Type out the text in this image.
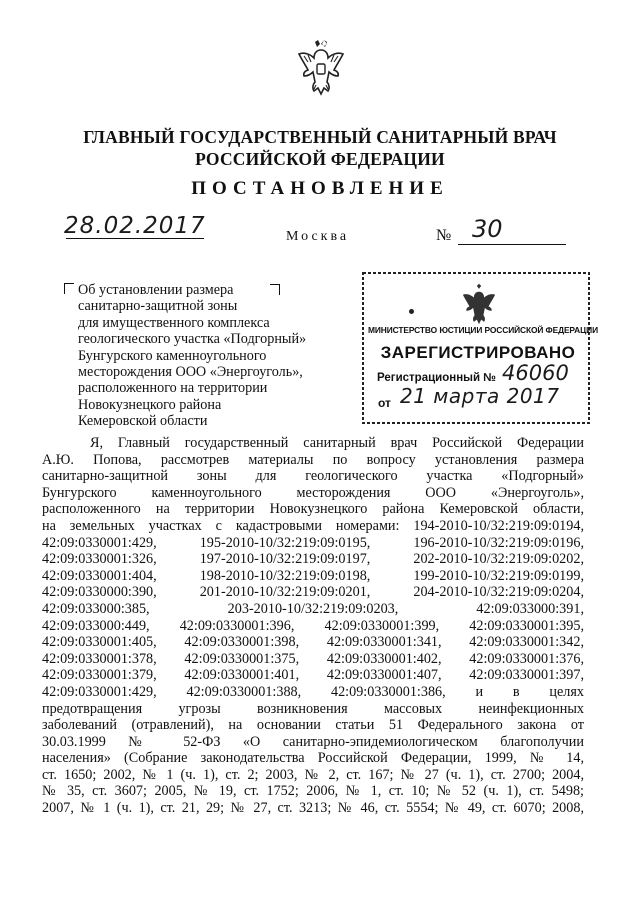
ГЛАВНЫЙ ГОСУДАРСТВЕННЫЙ САНИТАРНЫЙ ВРАЧ
РОССИЙСКОЙ ФЕДЕРАЦИИ
ПОСТАНОВЛЕНИЕ
28.02.2017	Москва	№ 30
Об установлении размера
санитарно-защитной зоны
для имущественного комплекса
геологического участка «Подгорный»
Бунгурского каменноугольного
месторождения ООО «Энергоуголь»,
расположенного на территории
Новокузнецкого района
Кемеровской области
МИНИСТЕРСТВО ЮСТИЦИИ РОССИЙСКОЙ ФЕДЕРАЦИИ
ЗАРЕГИСТРИРОВАНО
Регистрационный № 46060
от 21 марта 2017
Я, Главный государственный санитарный врач Российской Федерации
А.Ю. Попова, рассмотрев материалы по вопросу установления размера
санитарно-защитной зоны для геологического участка «Подгорный»
Бунгурского каменноугольного месторождения ООО «Энергоуголь»,
расположенного на территории Новокузнецкого района Кемеровской области,
на земельных участках с кадастровыми номерами: 194-2010-10/32:219:09:0194,
42:09:0330001:429, 195-2010-10/32:219:09:0195, 196-2010-10/32:219:09:0196,
42:09:0330001:326, 197-2010-10/32:219:09:0197, 202-2010-10/32:219:09:0202,
42:09:0330001:404, 198-2010-10/32:219:09:0198, 199-2010-10/32:219:09:0199,
42:09:0330000:390, 201-2010-10/32:219:09:0201, 204-2010-10/32:219:09:0204,
42:09:033000:385, 203-2010-10/32:219:09:0203, 42:09:033000:391,
42:09:033000:449, 42:09:0330001:396, 42:09:0330001:399, 42:09:0330001:395,
42:09:0330001:405, 42:09:0330001:398, 42:09:0330001:341, 42:09:0330001:342,
42:09:0330001:378, 42:09:0330001:375, 42:09:0330001:402, 42:09:0330001:376,
42:09:0330001:379, 42:09:0330001:401, 42:09:0330001:407, 42:09:0330001:397,
42:09:0330001:429, 42:09:0330001:388, 42:09:0330001:386, и в целях
предотвращения угрозы возникновения массовых неинфекционных
заболеваний (отравлений), на основании статьи 51 Федерального закона от
30.03.1999 № 52-ФЗ «О санитарно-эпидемиологическом благополучии
населения» (Собрание законодательства Российской Федерации, 1999, № 14,
ст. 1650; 2002, № 1 (ч. 1), ст. 2; 2003, № 2, ст. 167; № 27 (ч. 1), ст. 2700; 2004,
№ 35, ст. 3607; 2005, № 19, ст. 1752; 2006, № 1, ст. 10; № 52 (ч. 1), ст. 5498;
2007, № 1 (ч. 1), ст. 21, 29; № 27, ст. 3213; № 46, ст. 5554; № 49, ст. 6070; 2008,
